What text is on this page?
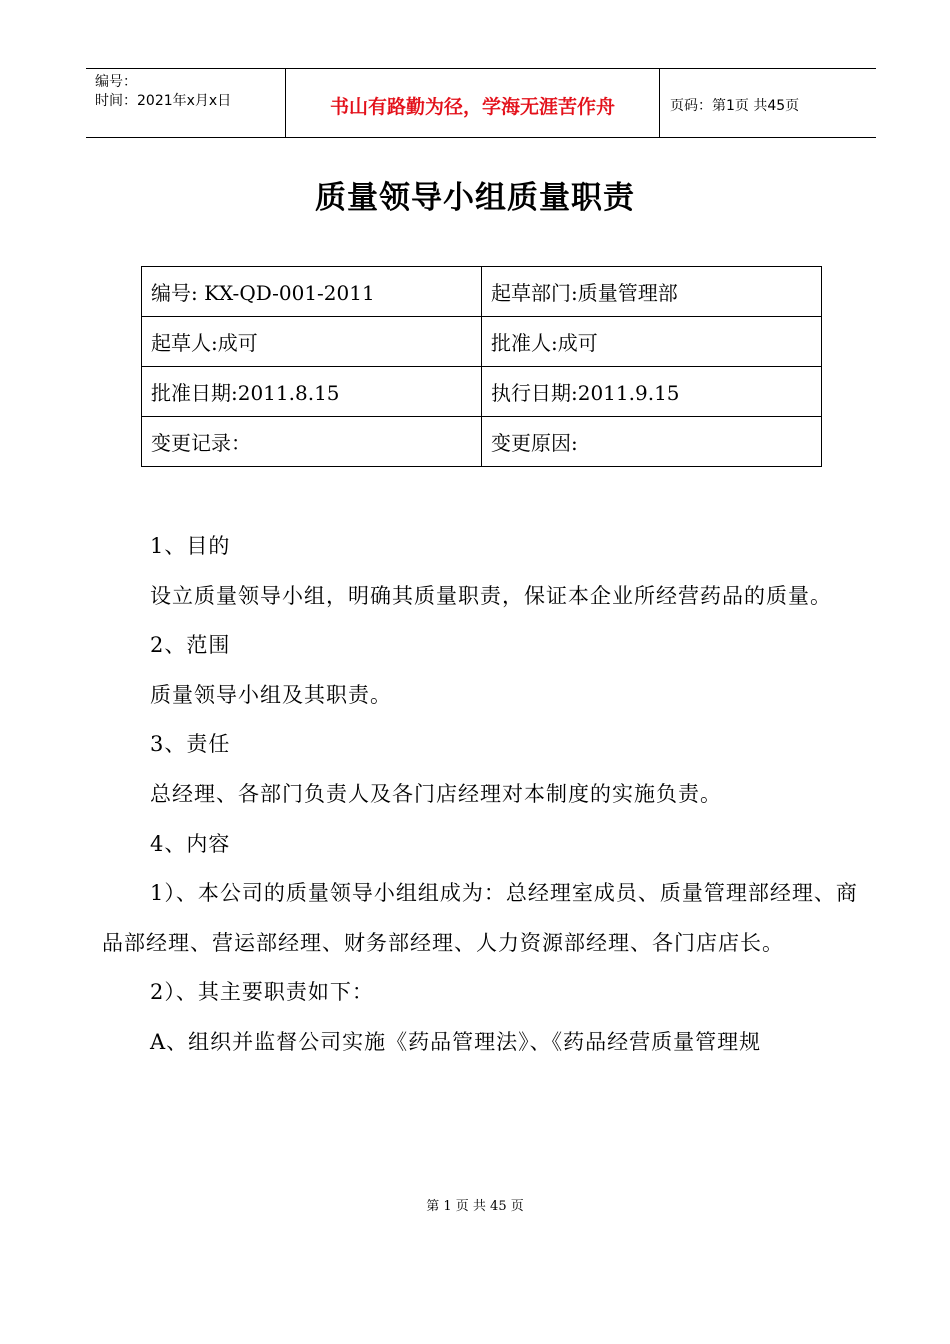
编号：
时间：2021年x月x日	书山有路勤为径，学海无涯苦作舟	页码：第1页 共45页
质量领导小组质量职责
编号: KX-QD-001-2011	起草部门:质量管理部
起草人:成可	批准人:成可
批准日期:2011.8.15	执行日期:2011.9.15
变更记录：	变更原因:

1、目的

设立质量领导小组，明确其质量职责，保证本企业所经营药品的质量。

2、范围

质量领导小组及其职责。

3、责任

总经理、各部门负责人及各门店经理对本制度的实施负责。

4、内容

1）、本公司的质量领导小组组成为：总经理室成员、质量管理部经理、商品部经理、营运部经理、财务部经理、人力资源部经理、各门店店长。

2）、其主要职责如下：

A、组织并监督公司实施《药品管理法》、《药品经营质量管理规

第 1 页 共 45 页
